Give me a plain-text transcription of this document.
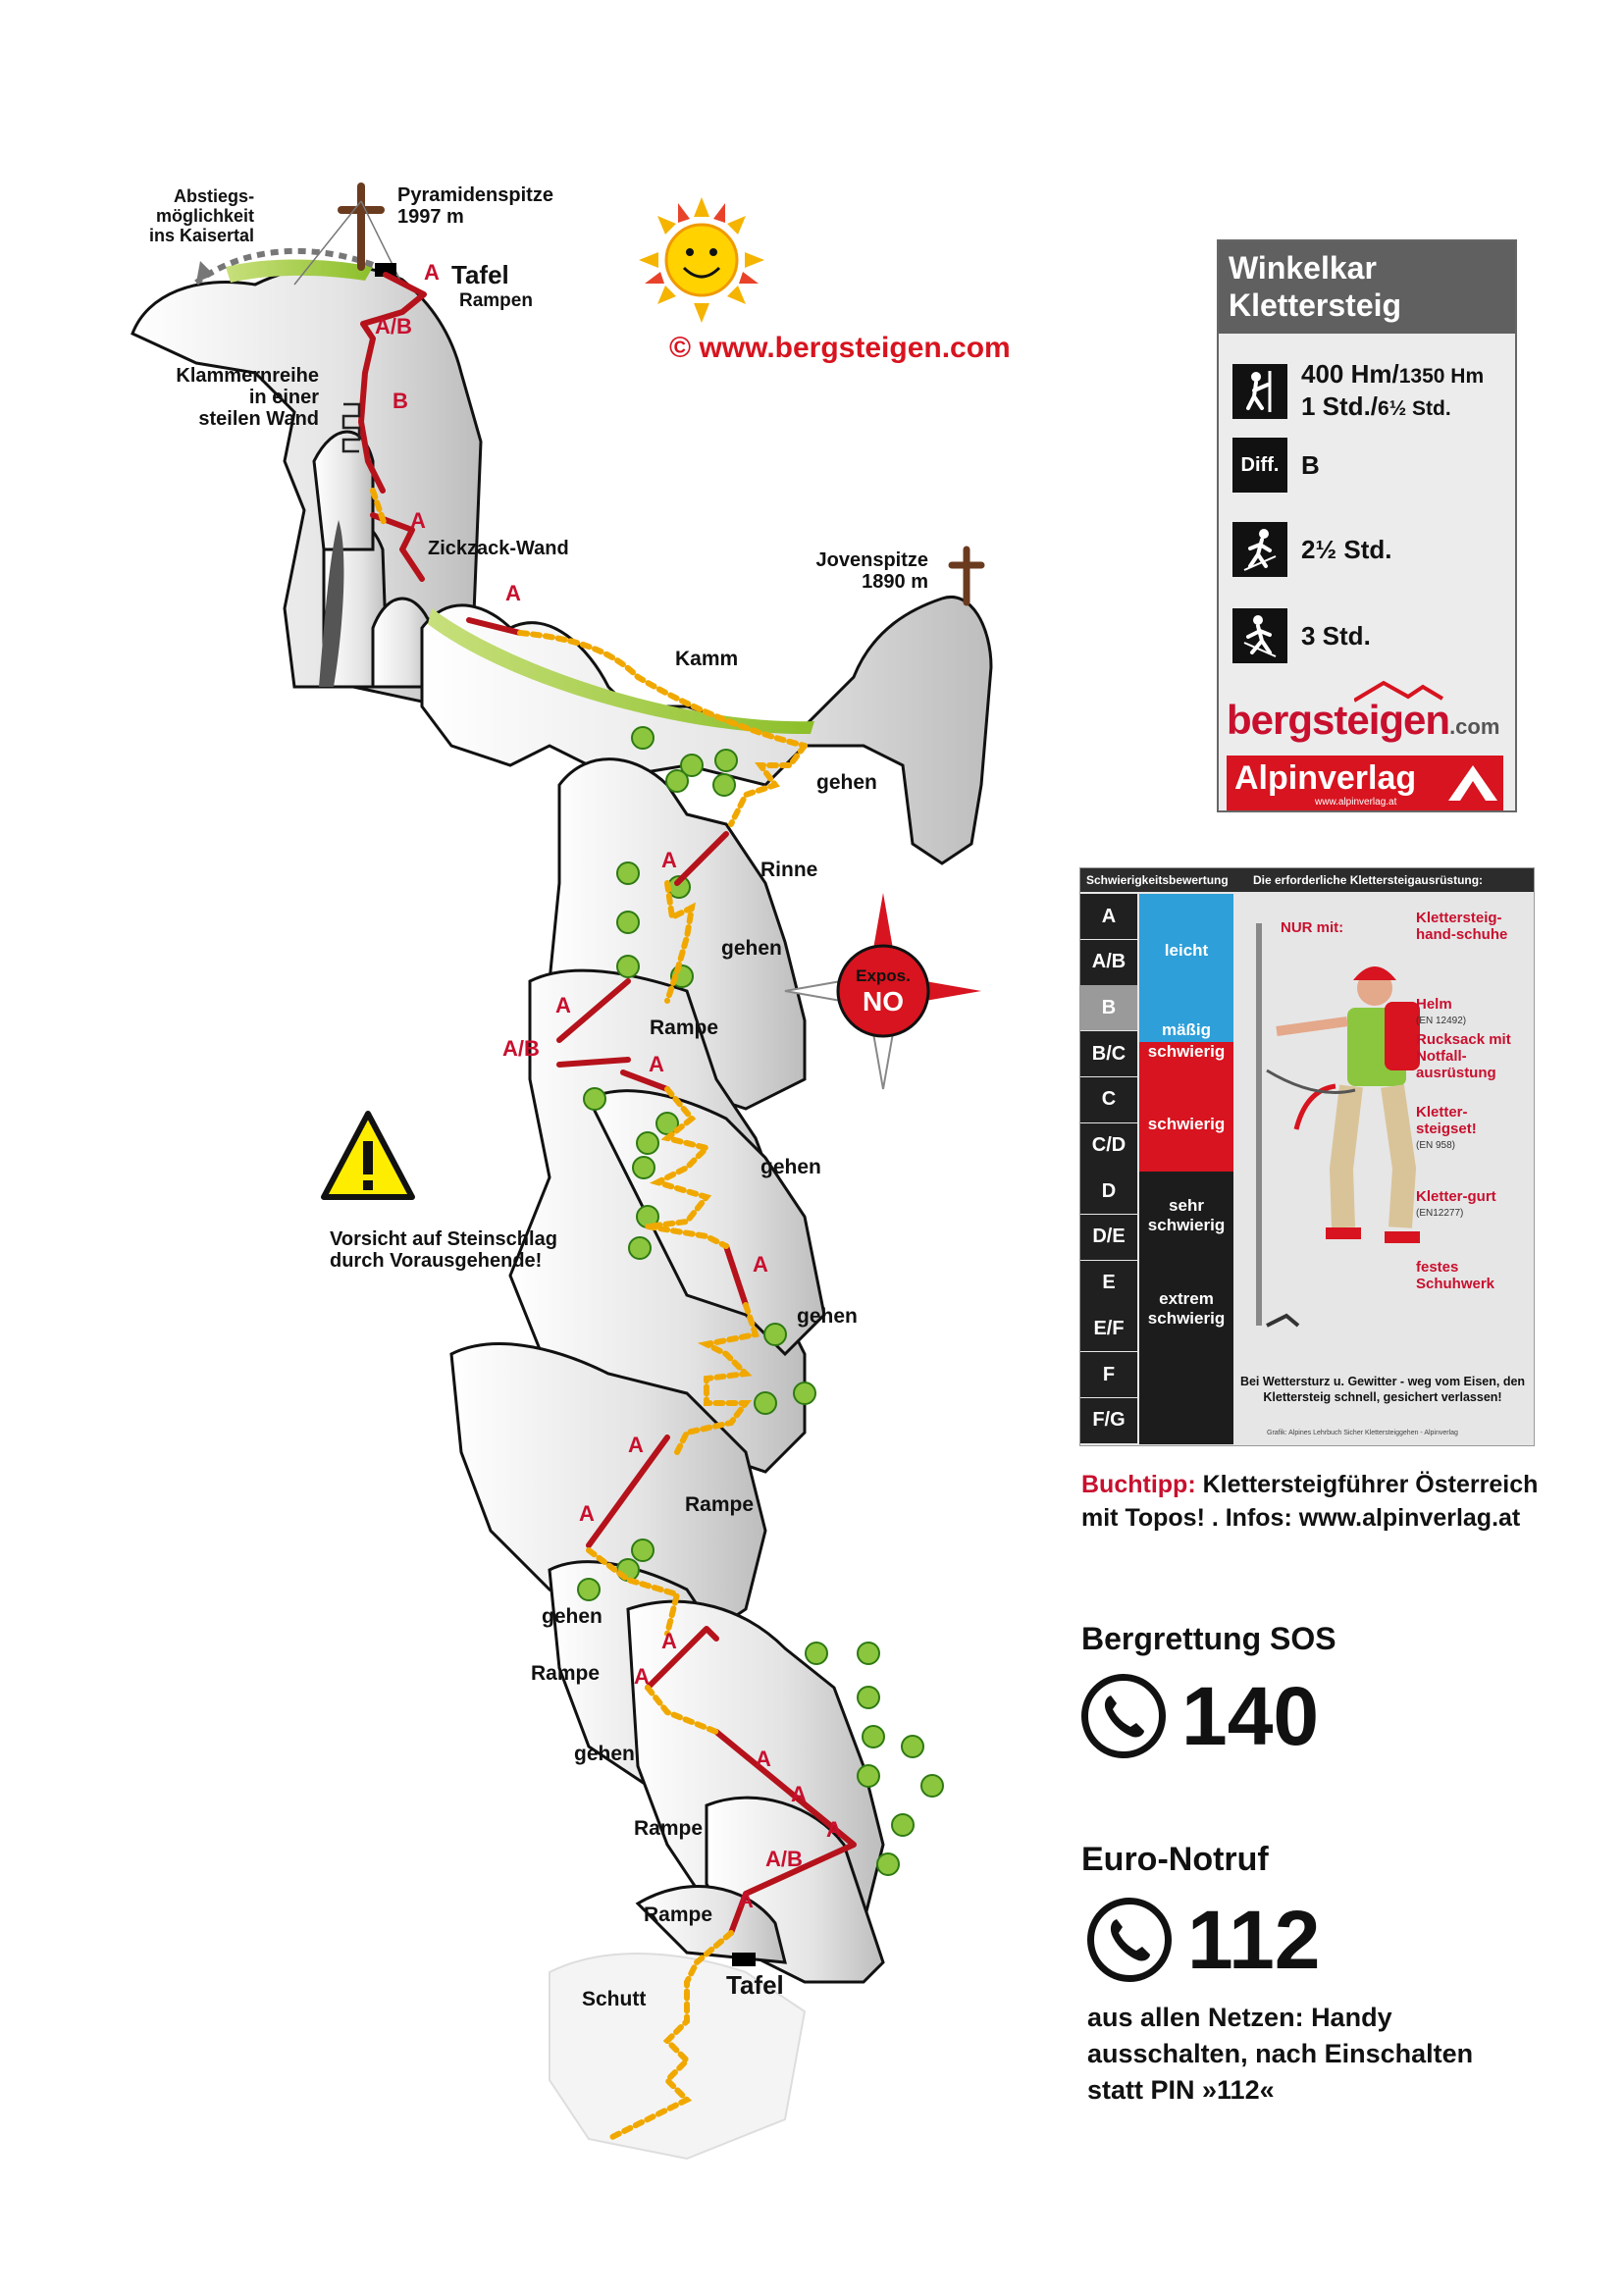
Abstiegs-
möglichkeit
ins Kaisertal
Pyramidenspitze
1997 m
Tafel
Rampen
Klammernreihe
in einer
steilen Wand
Zickzack-Wand
Jovenspitze
1890 m
Kamm
gehen
Rinne
gehen
Rampe
gehen
gehen
Rampe
gehen
Rampe
gehen
Rampe
Rampe
Schutt	Tafel
A
A/B
B
A
A
A
A
A/B
A
A
A
A
A
A
A
A
A
A/B
A
Expos.
NO
© www.bergsteigen.com
Vorsicht auf Steinschlag
durch Vorausgehende!
Winkelkar
Klettersteig
400 Hm/1350 Hm
1 Std./6½ Std.
Diff. B
2½ Std.
3 Std.
bergsteigen.com
Alpinverlag
www.alpinverlag.at
Schwierigkeitsbewertung Die erforderliche Klettersteigausrüstung:
A
A/B
B
B/C
C
C/D
D
D/E
E
E/F
F
F/G
leicht
mäßig
schwierig
schwierig
sehr schwierig
extrem schwierig
NUR mit:
Klettersteig-hand-schuhe
Helm
(EN 12492)
Rucksack mit Notfall-ausrüstung
Kletter-steigset!
(EN 958)
Kletter-gurt
(EN12277)
festes Schuhwerk
Bei Wettersturz u. Gewitter - weg vom Eisen, den Klettersteig schnell, gesichert verlassen!
Grafik: Alpines Lehrbuch Sicher Klettersteiggehen - Alpinverlag
Buchtipp: Klettersteigführer Österreich
mit Topos! . Infos: www.alpinverlag.at
Bergrettung SOS
140
Euro-Notruf
112
aus allen Netzen: Handy
ausschalten, nach Einschalten
statt PIN »112«
